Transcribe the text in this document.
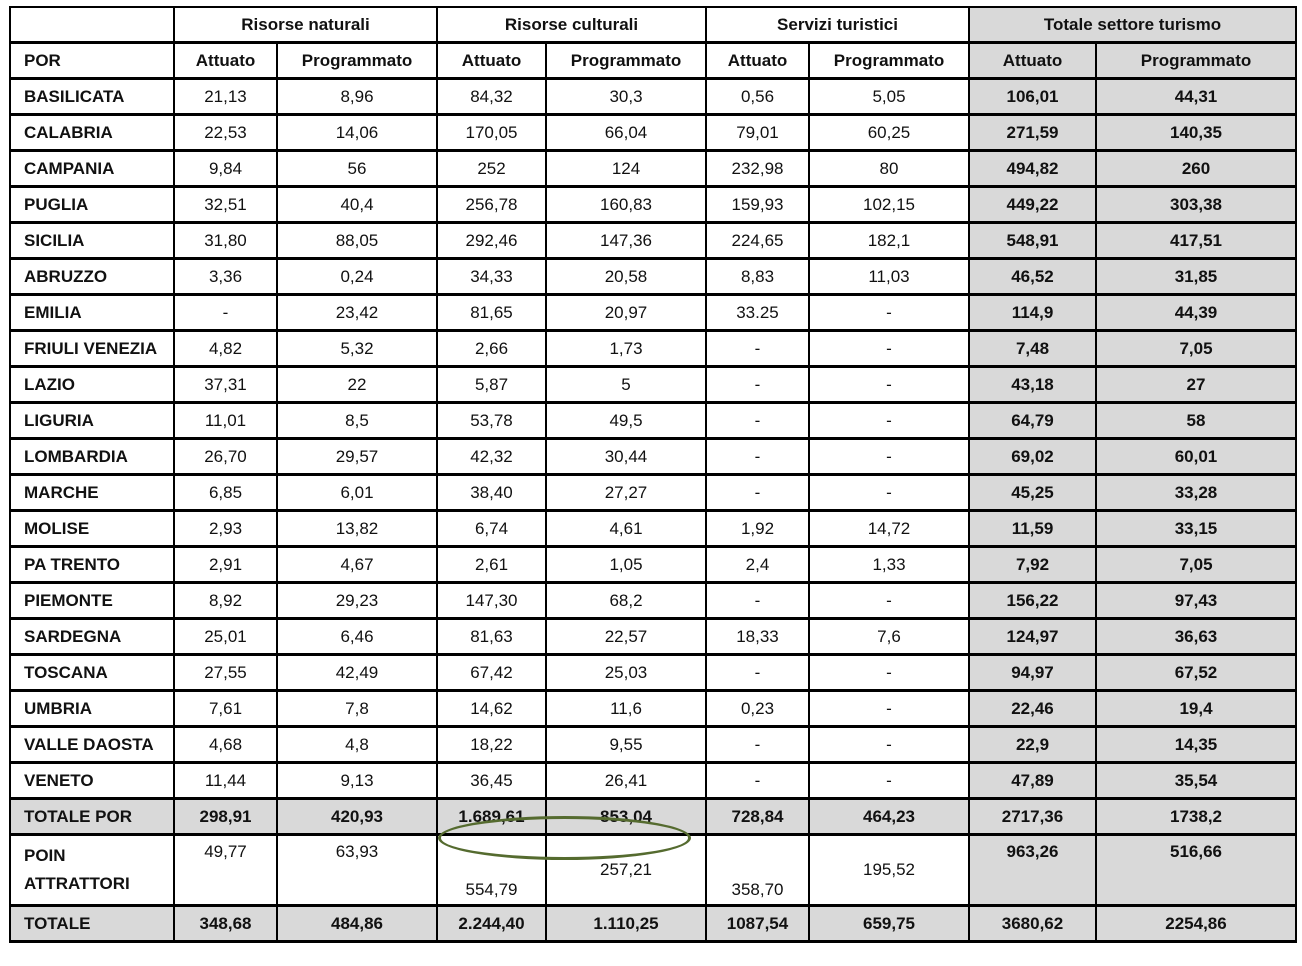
	Risorse naturali		Risorse culturali		Servizi turistici		Totale settore turismo	
POR	Attuato	Programmato	Attuato	Programmato	Attuato	Programmato	Attuato	Programmato
BASILICATA	21,13	8,96	84,32	30,3	0,56	5,05	106,01	44,31
CALABRIA	22,53	14,06	170,05	66,04	79,01	60,25	271,59	140,35
CAMPANIA	9,84	56	252	124	232,98	80	494,82	260
PUGLIA	32,51	40,4	256,78	160,83	159,93	102,15	449,22	303,38
SICILIA	31,80	88,05	292,46	147,36	224,65	182,1	548,91	417,51
ABRUZZO	3,36	0,24	34,33	20,58	8,83	11,03	46,52	31,85
EMILIA	-	23,42	81,65	20,97	33.25	-	114,9	44,39
FRIULI VENEZIA	4,82	5,32	2,66	1,73	-	-	7,48	7,05
LAZIO	37,31	22	5,87	5	-	-	43,18	27
LIGURIA	11,01	8,5	53,78	49,5	-	-	64,79	58
LOMBARDIA	26,70	29,57	42,32	30,44	-	-	69,02	60,01
MARCHE	6,85	6,01	38,40	27,27	-	-	45,25	33,28
MOLISE	2,93	13,82	6,74	4,61	1,92	14,72	11,59	33,15
PA TRENTO	2,91	4,67	2,61	1,05	2,4	1,33	7,92	7,05
PIEMONTE	8,92	29,23	147,30	68,2	-	-	156,22	97,43
SARDEGNA	25,01	6,46	81,63	22,57	18,33	7,6	124,97	36,63
TOSCANA	27,55	42,49	67,42	25,03	-	-	94,97	67,52
UMBRIA	7,61	7,8	14,62	11,6	0,23	-	22,46	19,4
VALLE DAOSTA	4,68	4,8	18,22	9,55	-	-	22,9	14,35
VENETO	11,44	9,13	36,45	26,41	-	-	47,89	35,54
TOTALE POR	298,91	420,93	1.689,61	853,04	728,84	464,23	2717,36	1738,2

POIN
ATTRATTORI	49,77	63,93	554,79	257,21	358,70	195,52	963,26	516,66
TOTALE	348,68	484,86	2.244,40	1.110,25	1087,54	659,75	3680,62	2254,86
